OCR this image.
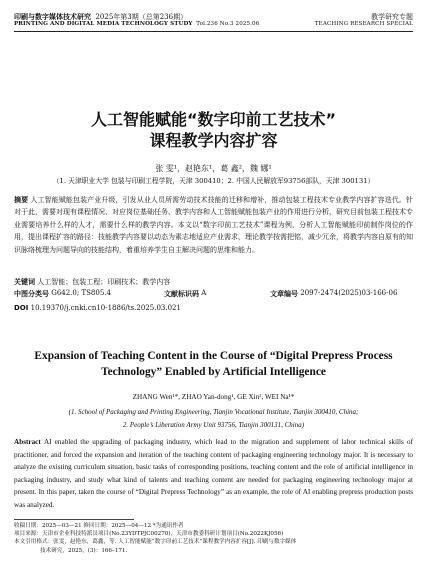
印刷与数字媒体技术研究 2025年第3期（总第236期）
PRINTING AND DIGITAL MEDIA TECHNOLOGY STUDY Tol.236 No.3 2025.06
教学研究专题
TEACHING RESEARCH SPECIAL
人工智能赋能“数字印前工艺技术”
课程教学内容扩容
张 雯¹，赵艳东¹，葛 鑫²，魏 娜¹
（1. 天津职业大学 包装与印刷工程学院，天津 300410；2. 中国人民解放军93756部队，天津 300131）
摘要 人工智能赋能包装产业升级，引发从业人员所需劳动技术技能的迁移和增补，推动包装工程技术专业教学内容扩容迭代。针对于此，需要对现有课程情况、对应岗位基础任务、教学内容和人工智能赋能包装产业的作用进行分析，研究目前包装工程技术专业需要培养什么样的人才，需要什么样的教学内容。本文以“数字印前工艺技术”课程为例，分析人工智能赋能印前制作岗位的作用，提出课程扩容的路径：技能教学内容要以动态为素志地适应产业需求，理论教学按需把铭，减少冗余，将教学内容自原有的知识脉络梳理为问题导向的技能结构，着重培养学生自主解决问题的思维和能力。
关键词 人工智能；包装工程；印刷技术；教学内容
中图分类号 G642.0; TS805.4	文献标识码 A	文章编号 2097-2474(2025)03-166-06
DOI 10.19370/j.cnki.cn10-1886/ts.2025.03.021
Expansion of Teaching Content in the Course of “Digital Prepress Process
Technology” Enabled by Artificial Intelligence
ZHANG Wen¹*, ZHAO Yan-dong¹, GE Xin², WEI Na¹*
(1. School of Packaging and Printing Engineering, Tianjin Vocational Institute, Tianjin 300410, China;
2. People’s Liberation Army Unit 93756, Tianjin 300131, China)
Abstract AI enabled the upgrading of packaging industry, which lead to the migration and supplement of labor technical skills of practitioner, and forced the expansion and iteration of the teaching content of packaging engineering technology major. It is necessary to analyze the existing curriculum situation, basic tasks of corresponding positions, teaching content and the role of artificial intelligence in packaging industry, and study what kind of talents and teaching content are needed for packaging engineering technology major at present. In this paper, taken the course of “Digital Prepress Technology” as an example, the role of AI enabling prepress production posts was analyzed.
收稿日期：2025—03—21 修回日期：2025—04—12 *为通讯作者
项目来源：天津市企业科技特派员项目(No.23YDTPJC00270)，天津市教委科研计划项目(No.2022KJ056)
本文引用格式：张雯，赵艳东，葛鑫，等. 人工智能赋能“数字印前工艺技术”课程教学内容扩容[J]. 印刷与数字媒体
技术研究，2025，(3)：166–171.
